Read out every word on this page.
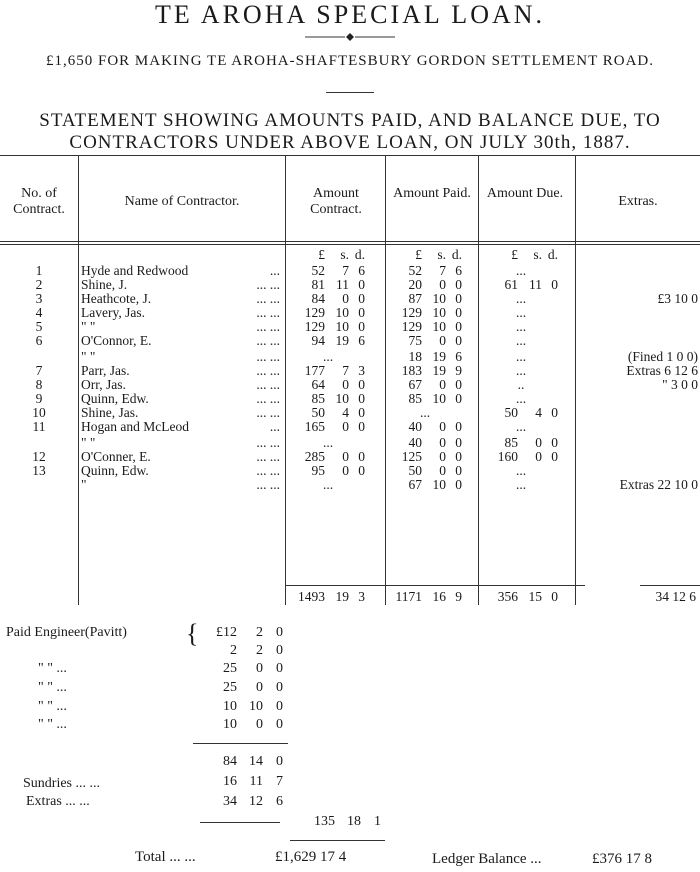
TE AROHA SPECIAL LOAN.
£1,650 FOR MAKING TE AROHA-SHAFTESBURY GORDON SETTLEMENT ROAD.
STATEMENT SHOWING AMOUNTS PAID, AND BALANCE DUE, TO CONTRACTORS UNDER ABOVE LOAN, ON JULY 30th, 1887.
No. of Contract.
Name of Contractor.
Amount Contract.
Amount Paid. Amount Due.
Extras.
£	s. d.	£	s. d.	£	s. d.
1	Hyde and Redwood	...	52	7 6	52	7 6	...
2	Shine, J.	... ...	81 11 0	20	0 0	61 11 0
3	Heathcote, J.	... ...	84	0 0	87 10 0	...	£3 10 0
4	Lavery, Jas.	... ...	129 10 0	129 10 0	...
5	" "	... ...	129 10 0	129 10 0	...
6	O'Connor, E.	... ...	94 19 6	75	0 0	...
" "	... ...	...	18 19 6	...	(Fined 1 0 0)
7	Parr, Jas.	... ...	177	7 3	183 19 9	...	Extras 6 12 6
8	Orr, Jas.	... ...	64	0 0	67	0 0	..	" 3 0 0
9	Quinn, Edw.	... ...	85 10 0	85 10 0	...
10	Shine, Jas.	... ...	50	4 0	...	50	4 0
11	Hogan and McLeod	...	165	0 0	40	0 0	...
" "	... ...	...	40	0 0	85	0 0
12	O'Conner, E.	... ...	285	0 0	125	0 0	160	0 0
13	Quinn, Edw.	... ...	95	0 0	50	0 0	...
"	... ...	...	67 10 0	...	Extras 22 10 0
1493 19 3	1171 16 9	356 15 0	34 12 6
Paid Engineer(Pavitt) {	£12	2 0
2	2 0
25	0 0
" " ...
25	0 0
" " ...
10 10 0
" " ...
10	0 0
" " ...
84 14 0
16 11 7
34 12 6
135 18 1
Sundries ... ...
Extras ... ...
Total ... ...	£1,629 17 4	Ledger Balance ...	£376 17 8
